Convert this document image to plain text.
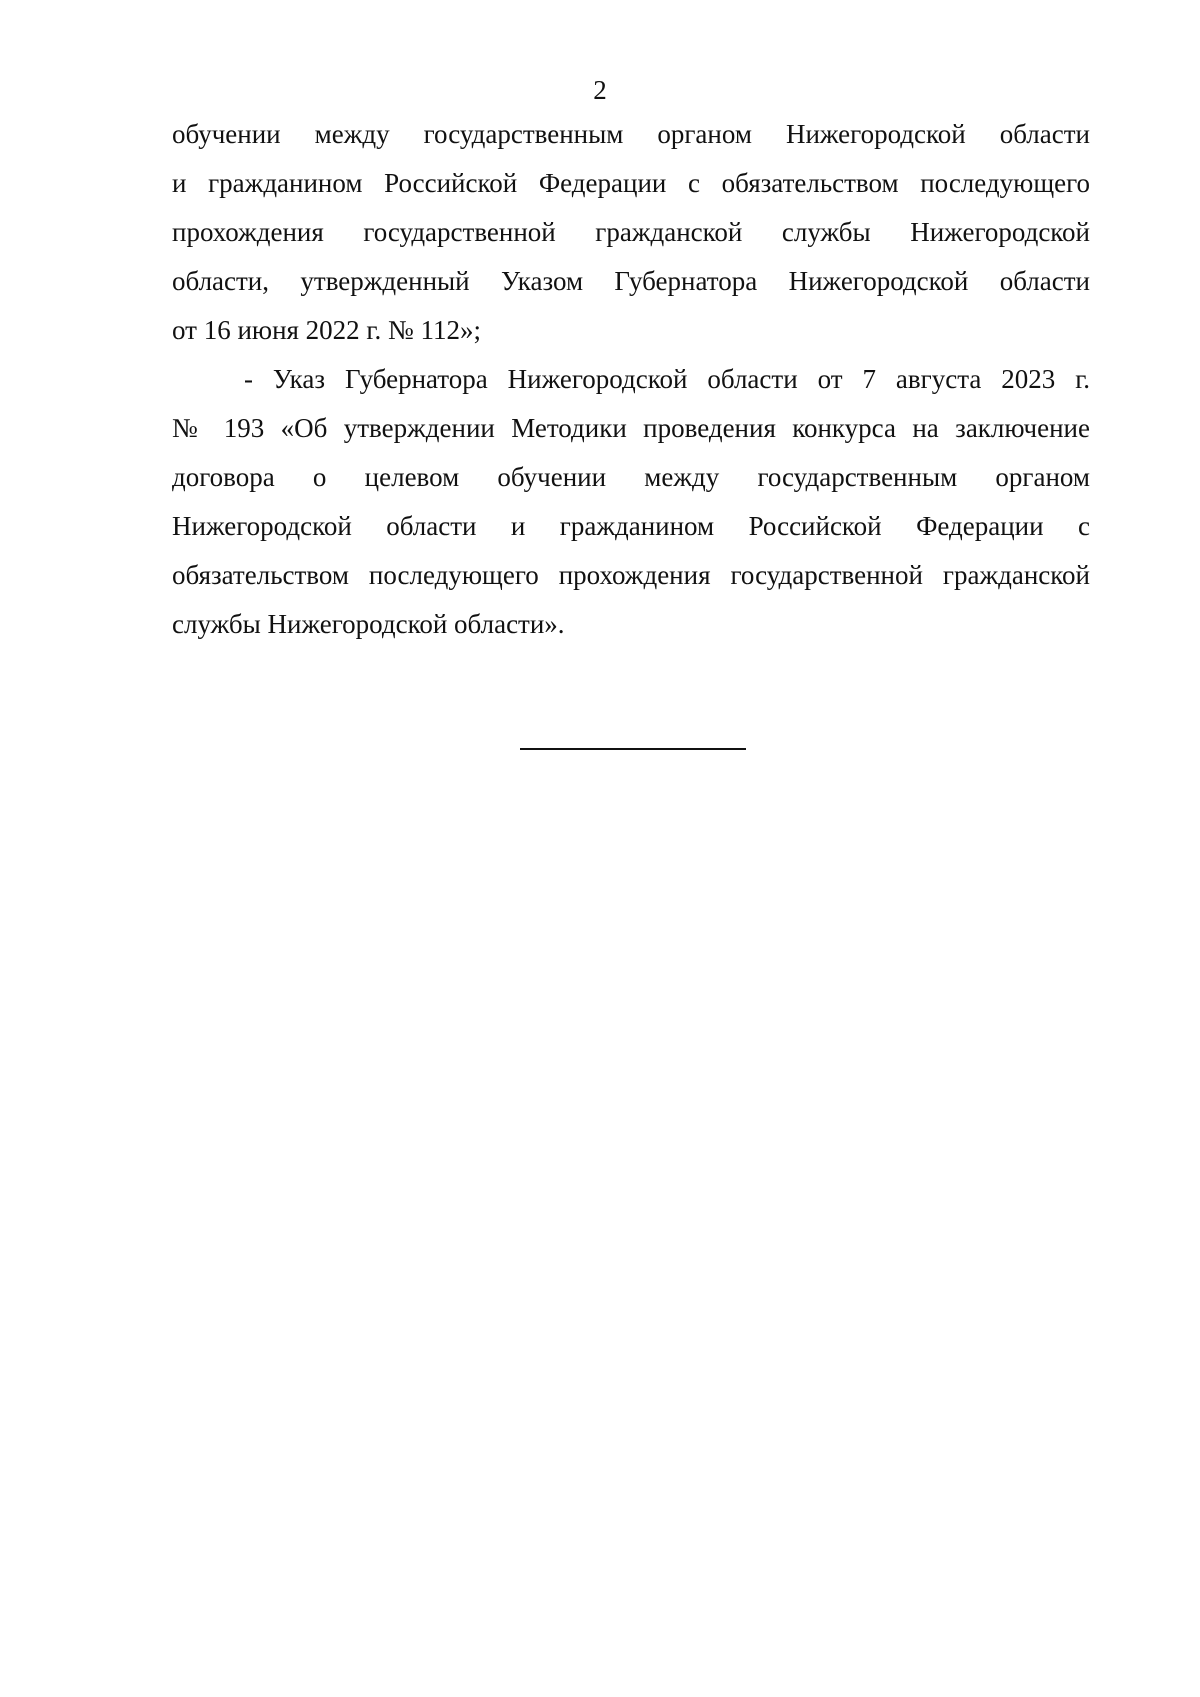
2

обучении между государственным органом Нижегородской области
и гражданином Российской Федерации с обязательством последующего
прохождения государственной гражданской службы Нижегородской
области, утвержденный Указом Губернатора Нижегородской области
от 16 июня 2022 г. № 112»;

- Указ Губернатора Нижегородской области от 7 августа 2023 г.
№ 193 «Об утверждении Методики проведения конкурса на заключение
договора о целевом обучении между государственным органом
Нижегородской области и гражданином Российской Федерации с
обязательством последующего прохождения государственной гражданской
службы Нижегородской области».
